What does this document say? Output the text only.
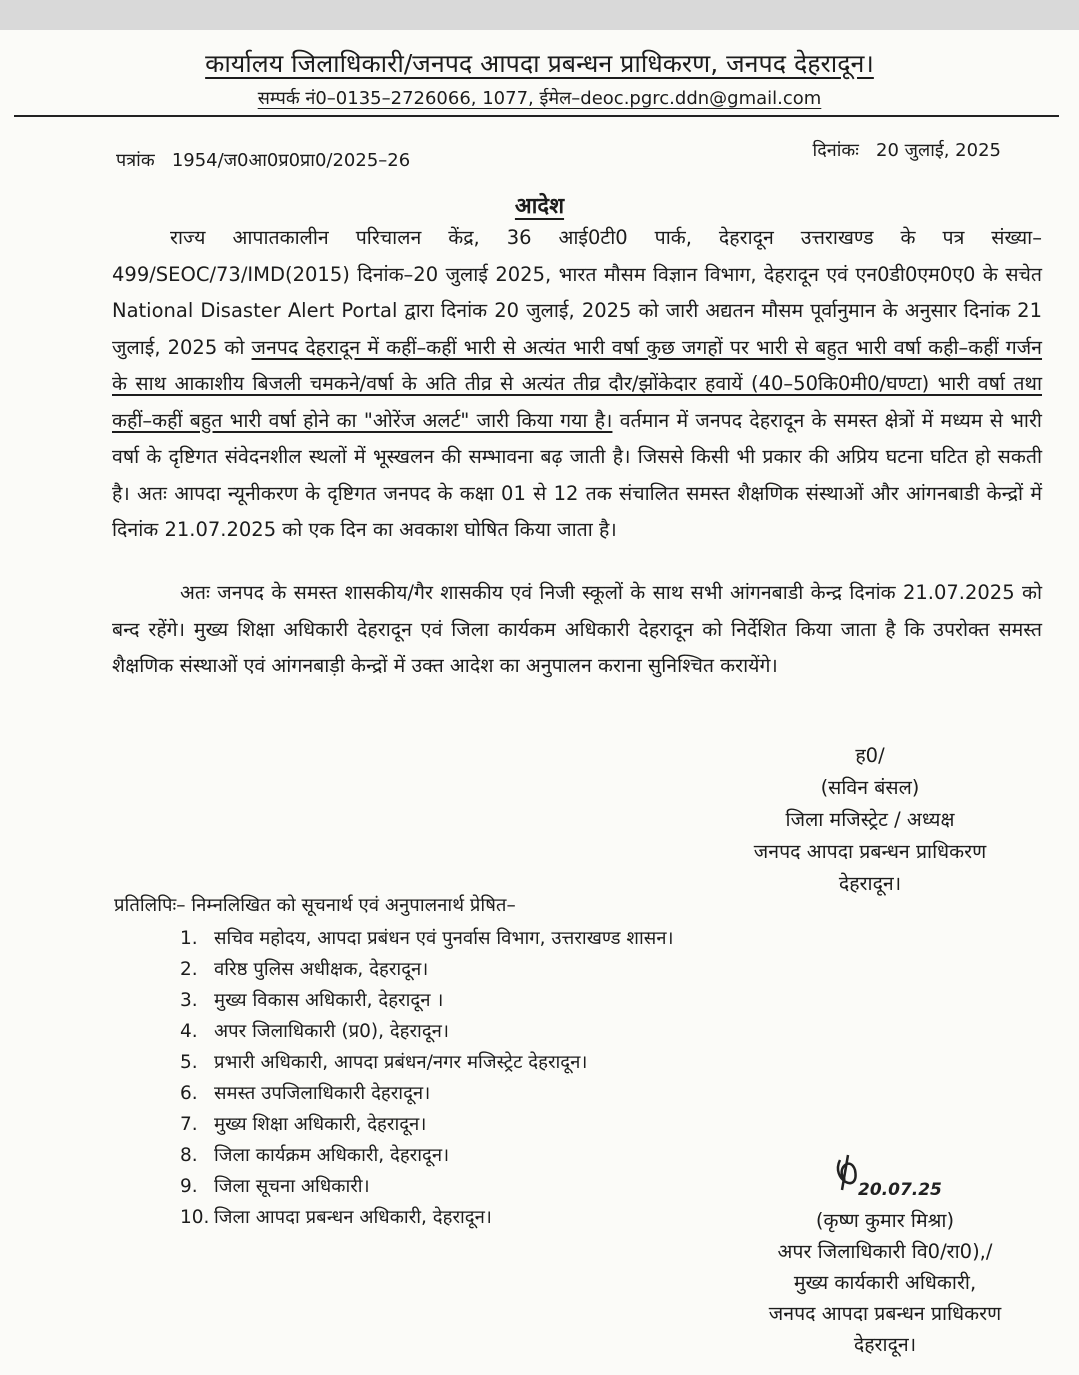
कार्यालय जिलाधिकारी/जनपद आपदा प्रबन्धन प्राधिकरण, जनपद देहरादून।
सम्पर्क नं0–0135–2726066, 1077, ईमेल–deoc.pgrc.ddn@gmail.com
पत्रांक 1954/ज0आ0प्र0प्रा0/2025–26	दिनांकः 20 जुलाई, 2025
आदेश
राज्य आपातकालीन परिचालन केंद्र, 36 आई0टी0 पार्क, देहरादून उत्तराखण्ड के पत्र संख्या–499/SEOC/73/IMD(2015) दिनांक–20 जुलाई 2025, भारत मौसम विज्ञान विभाग, देहरादून एवं एन0डी0एम0ए0 के सचेत National Disaster Alert Portal द्वारा दिनांक 20 जुलाई, 2025 को जारी अद्यतन मौसम पूर्वानुमान के अनुसार दिनांक 21 जुलाई, 2025 को जनपद देहरादून में कहीं–कहीं भारी से अत्यंत भारी वर्षा कुछ जगहों पर भारी से बहुत भारी वर्षा कही–कहीं गर्जन के साथ आकाशीय बिजली चमकने/वर्षा के अति तीव्र से अत्यंत तीव्र दौर/झोंकेदार हवायें (40–50कि0मी0/घण्टा) भारी वर्षा तथा कहीं–कहीं बहुत भारी वर्षा होने का "ओरेंज अलर्ट" जारी किया गया है। वर्तमान में जनपद देहरादून के समस्त क्षेत्रों में मध्यम से भारी वर्षा के दृष्टिगत संवेदनशील स्थलों में भूस्खलन की सम्भावना बढ़ जाती है। जिससे किसी भी प्रकार की अप्रिय घटना घटित हो सकती है। अतः आपदा न्यूनीकरण के दृष्टिगत जनपद के कक्षा 01 से 12 तक संचालित समस्त शैक्षणिक संस्थाओं और आंगनबाडी केन्द्रों में दिनांक 21.07.2025 को एक दिन का अवकाश घोषित किया जाता है।
अतः जनपद के समस्त शासकीय/गैर शासकीय एवं निजी स्कूलों के साथ सभी आंगनबाडी केन्द्र दिनांक 21.07.2025 को बन्द रहेंगे। मुख्य शिक्षा अधिकारी देहरादून एवं जिला कार्यकम अधिकारी देहरादून को निर्देशित किया जाता है कि उपरोक्त समस्त शैक्षणिक संस्थाओं एवं आंगनबाड़ी केन्द्रों में उक्त आदेश का अनुपालन कराना सुनिश्चित करायेंगे।
ह0/
(सविन बंसल)
जिला मजिस्ट्रेट / अध्यक्ष
जनपद आपदा प्रबन्धन प्राधिकरण
देहरादून।
प्रतिलिपिः– निम्नलिखित को सूचनार्थ एवं अनुपालनार्थ प्रेषित–
1. सचिव महोदय, आपदा प्रबंधन एवं पुनर्वास विभाग, उत्तराखण्ड शासन।
2. वरिष्ठ पुलिस अधीक्षक, देहरादून।
3. मुख्य विकास अधिकारी, देहरादून ।
4. अपर जिलाधिकारी (प्र0), देहरादून।
5. प्रभारी अधिकारी, आपदा प्रबंधन/नगर मजिस्ट्रेट देहरादून।
6. समस्त उपजिलाधिकारी देहरादून।
7. मुख्य शिक्षा अधिकारी, देहरादून।
8. जिला कार्यक्रम अधिकारी, देहरादून।
9. जिला सूचना अधिकारी।
10. जिला आपदा प्रबन्धन अधिकारी, देहरादून।
20.07.25
(कृष्ण कुमार मिश्रा)
अपर जिलाधिकारी वि0/रा0),/
मुख्य कार्यकारी अधिकारी,
जनपद आपदा प्रबन्धन प्राधिकरण
देहरादून।
